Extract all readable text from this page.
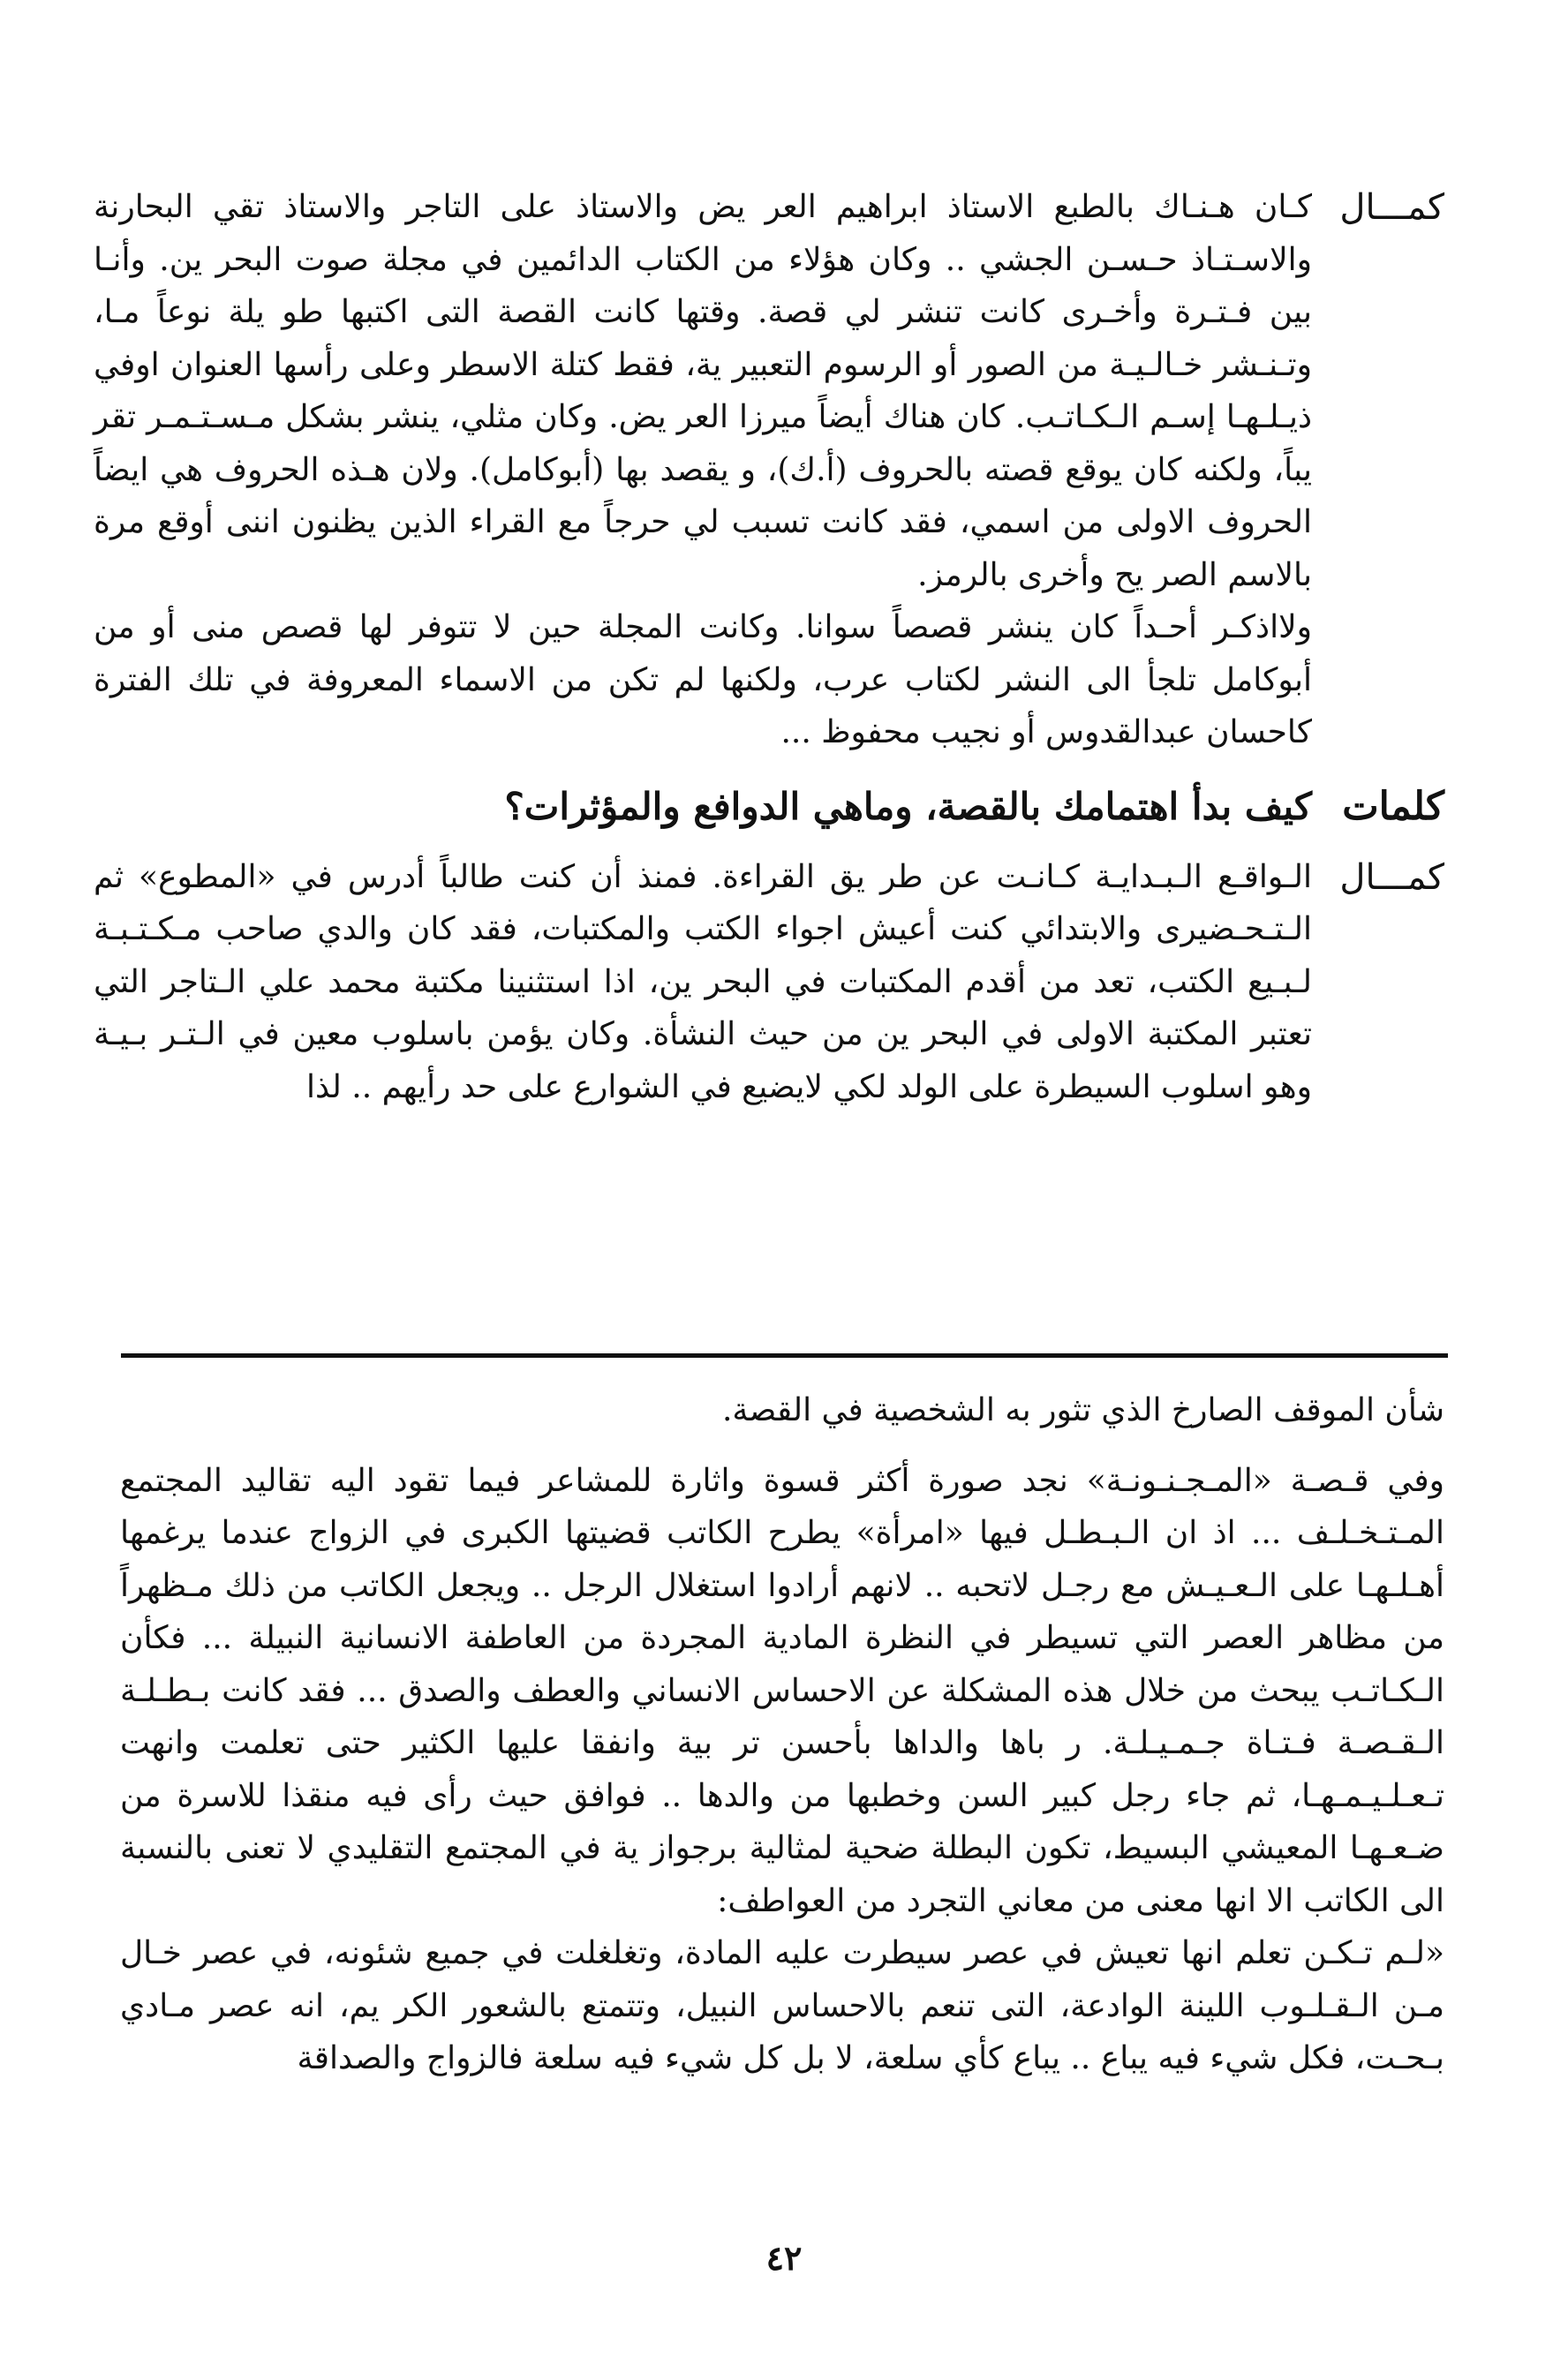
كمـــال

كـان هـنـاك بالطبع الاستاذ ابراهيم العر يض والاستاذ على التاجر والاستاذ تقي البحارنة والاسـتـاذ حـسـن الجشي .. وكان هؤلاء من الكتاب الدائمين في مجلة صوت البحر ين. وأنـا بين فـتـرة وأخـرى كانت تنشر لي قصة. وقتها كانت القصة التى اكتبها طو يلة نوعاً مـا، وتـنـشر خـالـيـة من الصور أو الرسوم التعبير ية، فقط كتلة الاسطر وعلى رأسها العنوان اوفي ذيـلـهـا إسـم الـكـاتـب. كان هناك أيضاً ميرزا العر يض. وكان مثلي، ينشر بشكل مـسـتـمـر تقر يباً، ولكنه كان يوقع قصته بالحروف (أ.ك)، و يقصد بها (أبوكامل). ولان هـذه الحروف هي ايضاً الحروف الاولى من اسمي، فقد كانت تسبب لي حرجاً مع القراء الذين يظنون اننى أوقع مرة بالاسم الصر يح وأخرى بالرمز.

ولااذكـر أحـداً كان ينشر قصصاً سوانا. وكانت المجلة حين لا تتوفر لها قصص منى أو من أبوكامل تلجأ الى النشر لكتاب عرب، ولكنها لم تكن من الاسماء المعروفة في تلك الفترة كاحسان عبدالقدوس أو نجيب محفوظ ...

كلمات
كيف بدأ اهتمامك بالقصة، وماهي الدوافع والمؤثرات؟
كمـــال
الـواقـع الـبـدايـة كـانـت عن طر يق القراءة. فمنذ أن كنت طالباً أدرس في «المطوع» ثم الـتـحـضيرى والابتدائي كنت أعيش اجواء الكتب والمكتبات، فقد كان والدي صاحب مـكـتـبـة لـبـيع الكتب، تعد من أقدم المكتبات في البحر ين، اذا استثنينا مكتبة محمد علي الـتاجر التي تعتبر المكتبة الاولى في البحر ين من حيث النشأة. وكان يؤمن باسلوب معين في الـتـر بـيـة وهو اسلوب السيطرة على الولد لكي لايضيع في الشوارع على حد رأيهم .. لذا

شأن الموقف الصارخ الذي تثور به الشخصية في القصة.

وفي قـصـة «المـجـنـونـة» نجد صورة أكثر قسوة واثارة للمشاعر فيما تقود اليه تقاليد المجتمع المـتـخـلـف ... اذ ان الـبـطـل فيها «امرأة» يطرح الكاتب قضيتها الكبرى في الزواج عندما يرغمها أهـلـهـا على الـعـيـش مع رجـل لاتحبه .. لانهم أرادوا استغلال الرجل .. ويجعل الكاتب من ذلك مـظهراً من مظاهر العصر التي تسيطر في النظرة المادية المجردة من العاطفة الانسانية النبيلة ... فكأن الـكـاتـب يبحث من خلال هذه المشكلة عن الاحساس الانساني والعطف والصدق ... فقد كانت بـطـلـة الـقـصـة فـتـاة جـمـيـلـة. ر باها والداها بأحسن تر بية وانفقا عليها الكثير حتى تعلمت وانهت تـعـلـيـمـهـا، ثم جاء رجل كبير السن وخطبها من والدها .. فوافق حيث رأى فيه منقذا للاسرة من ضـعـهـا المعيشي البسيط، تكون البطلة ضحية لمثالية برجواز ية في المجتمع التقليدي لا تعنى بالنسبة الى الكاتب الا انها معنى من معاني التجرد من العواطف:

«لـم تـكـن تعلم انها تعيش في عصر سيطرت عليه المادة، وتغلغلت في جميع شئونه، في عصر خـال مـن الـقـلـوب اللينة الوادعة، التى تنعم بالاحساس النبيل، وتتمتع بالشعور الكر يم، انه عصر مـادي بـحـت، فكل شيء فيه يباع .. يباع كأي سلعة، لا بل كل شيء فيه سلعة فالزواج والصداقة

٤٢
